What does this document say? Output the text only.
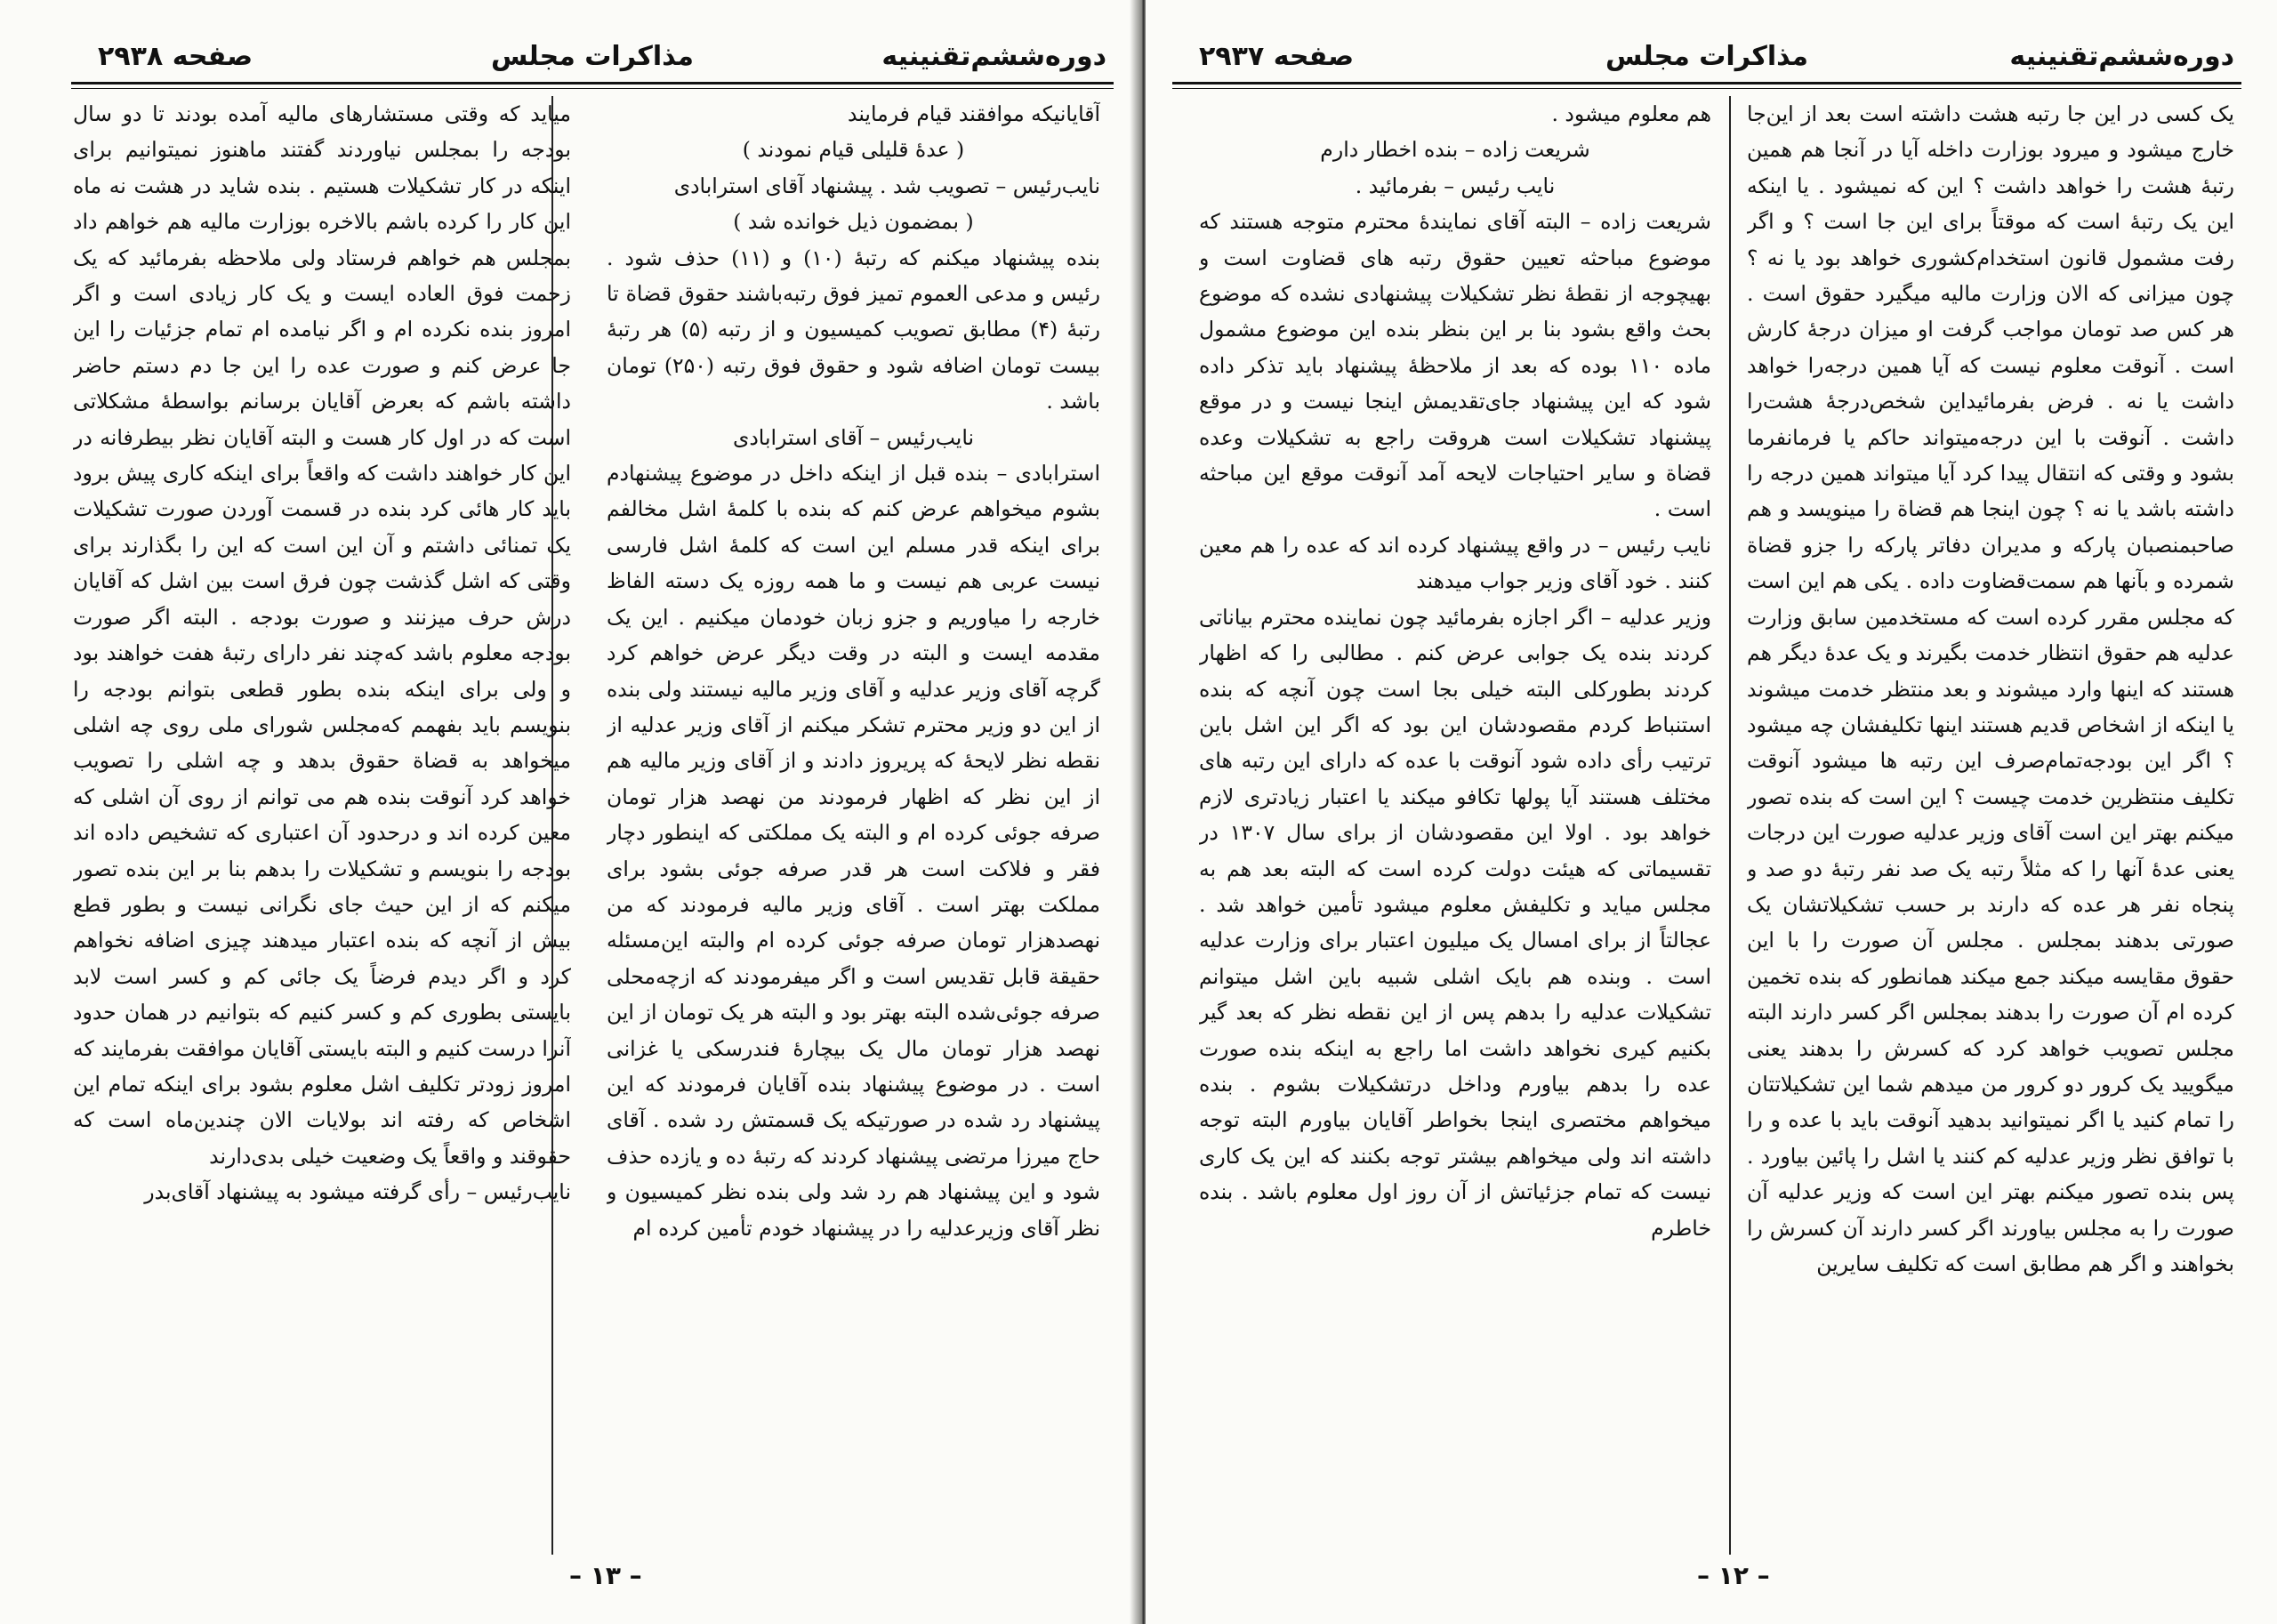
دوره‌ششم‌تقنینیه
مذاکرات مجلس
صفحه ۲۹۳۸

آقایانیکه موافقند قیام فرمایند

( عدهٔ قلیلی قیام نمودند )

نایب‌رئیس – تصویب شد . پیشنهاد آقای استرابادی

( بمضمون ذیل خوانده شد )

بنده پیشنهاد میکنم که رتبهٔ (۱۰) و (۱۱) حذف شود . رئیس و مدعی العموم تمیز فوق رتبه‌باشند حقوق قضاة تا رتبهٔ (۴) مطابق تصویب کمیسیون و از رتبه (۵) هر رتبهٔ بیست تومان اضافه شود و حقوق فوق رتبه (۲۵۰) تومان باشد .

نایب‌رئیس – آقای استرابادی

استرابادی – بنده قبل از اینکه داخل در موضوع پیشنهادم بشوم میخواهم عرض کنم که بنده با کلمهٔ اشل مخالفم برای اینکه قدر مسلم این است که کلمهٔ اشل فارسی نیست عربی هم نیست و ما همه روزه یک دسته الفاظ خارجه را میاوریم و جزو زبان خودمان میکنیم . این یک مقدمه ایست و البته در وقت دیگر عرض خواهم کرد گرچه آقای وزیر عدلیه و آقای وزیر مالیه نیستند ولی بنده از این دو وزیر محترم تشکر میکنم از آقای وزیر عدلیه از نقطه نظر لایحهٔ که پریروز دادند و از آقای وزیر مالیه هم از این نظر که اظهار فرمودند من نهصد هزار تومان صرفه جوئی کرده ام و البته یک مملکتی که اینطور دچار فقر و فلاکت است هر قدر صرفه جوئی بشود برای مملکت بهتر است . آقای وزیر مالیه فرمودند که من نهصدهزار تومان صرفه جوئی کرده ام والبته این‌مسئله حقیقة قابل تقدیس است و اگر میفرمودند که ازچه‌محلی صرفه جوئی‌شده البته بهتر بود و البته هر یک تومان از این نهصد هزار تومان مال یک بیچارهٔ فندرسکی یا غزانی است . در موضوع پیشنهاد بنده آقایان فرمودند که این پیشنهاد رد شده در صورتیکه یک قسمتش رد شده . آقای حاج میرزا مرتضی پیشنهاد کردند که رتبهٔ ده و یازده حذف شود و این پیشنهاد هم رد شد ولی بنده نظر کمیسیون و نظر آقای وزیرعدلیه را در پیشنهاد خودم تأمین کرده ام

میاید که وقتی مستشارهای مالیه آمده بودند تا دو سال بودجه را بمجلس نیاوردند گفتند ماهنوز نمیتوانیم برای اینکه در کار تشکیلات هستیم . بنده شاید در هشت نه ماه این کار را کرده باشم بالاخره بوزارت مالیه هم خواهم داد بمجلس هم خواهم فرستاد ولی ملاحظه بفرمائید که یک زحمت فوق العاده ایست و یک کار زیادی است و اگر امروز بنده نکرده ام و اگر نیامده ام تمام جزئیات را این جا عرض کنم و صورت عده را این جا دم دستم حاضر داشته باشم که بعرض آقایان برسانم بواسطهٔ مشکلاتی است که در اول کار هست و البته آقایان نظر بیطرفانه در این کار خواهند داشت که واقعاً برای اینکه کاری پیش برود باید کار هائی کرد بنده در قسمت آوردن صورت تشکیلات یک تمنائی داشتم و آن این است که این را بگذارند برای وقتی که اشل گذشت چون فرق است بین اشل که آقایان درش حرف میزنند و صورت بودجه . البته اگر صورت بودجه معلوم باشد که‌چند نفر دارای رتبهٔ هفت خواهند بود و ولی برای اینکه بنده بطور قطعی بتوانم بودجه را بنویسم باید بفهمم که‌مجلس شورای ملی روی چه اشلی میخواهد به قضاة حقوق بدهد و چه اشلی را تصویب خواهد کرد آنوقت بنده هم می توانم از روی آن اشلی که معین کرده اند و درحدود آن اعتباری که تشخیص داده اند بودجه را بنویسم و تشکیلات را بدهم بنا بر این بنده تصور میکنم که از این حیث جای نگرانی نیست و بطور قطع بیش از آنچه که بنده اعتبار میدهند چیزی اضافه نخواهم کرد و اگر دیدم فرضاً یک جائی کم و کسر است لابد بایستی بطوری کم و کسر کنیم که بتوانیم در همان حدود آنرا درست کنیم و البته بایستی آقایان موافقت بفرمایند که امروز زودتر تکلیف اشل معلوم بشود برای اینکه تمام این اشخاص که رفته اند بولایات الان چندین‌ماه است که حقوقند و واقعاً یک وضعیت خیلی بدی‌دارند

نایب‌رئیس – رأی گرفته میشود به پیشنهاد آقای‌بدر

– ۱۳ –
دوره‌ششم‌تقنینیه
مذاکرات مجلس
صفحه ۲۹۳۷

یک کسی در این جا رتبه هشت داشته است بعد از این‌جا خارج میشود و میرود بوزارت داخله آیا در آنجا هم همین رتبهٔ هشت را خواهد داشت ؟ این که نمیشود . یا اینکه این یک رتبهٔ است که موقتاً برای این جا است ؟ و اگر رفت مشمول قانون استخدام‌کشوری خواهد بود یا نه ؟ چون میزانی که الان وزارت مالیه میگیرد حقوق است . هر کس صد تومان مواجب گرفت او میزان درجهٔ کارش است . آنوقت معلوم نیست که آیا همین درجه‌را خواهد داشت یا نه . فرض بفرمائید‌این شخص‌درجهٔ هشت‌را داشت . آنوقت با این درجه‌میتواند حاکم یا فرمانفرما بشود و وقتی که انتقال پیدا کرد آیا میتواند همین درجه را داشته باشد یا نه ؟ چون اینجا هم قضاة را مینویسد و هم صاحبمنصبان پارکه و مدیران دفاتر پارکه را جزو قضاة شمرده و بآنها هم سمت‌قضاوت داده . یکی هم این است که مجلس مقرر کرده است که مستخدمین سابق وزارت عدلیه هم حقوق انتظار خدمت بگیرند و یک عدهٔ دیگر هم هستند که اینها وارد میشوند و بعد منتظر خدمت میشوند یا اینکه از اشخاص قدیم هستند اینها تکلیفشان چه میشود ؟ اگر این بودجه‌تمام‌صرف این رتبه ها میشود آنوقت تکلیف منتظرین خدمت چیست ؟ این است که بنده تصور میکنم بهتر این است آقای وزیر عدلیه صورت این درجات یعنی عدهٔ آنها را که مثلاً رتبه یک صد نفر رتبهٔ دو صد و پنجاه نفر هر عده که دارند بر حسب تشکیلاتشان یک صورتی بدهند بمجلس . مجلس آن صورت را با این حقوق مقایسه میکند جمع میکند همانطور که بنده تخمین کرده ام آن صورت را بدهند بمجلس اگر کسر دارند البته مجلس تصویب خواهد کرد که کسرش را بدهند یعنی میگویید یک کرور دو کرور من میدهم شما این تشکیلاتتان را تمام کنید یا اگر نمیتوانید بدهید آنوقت باید با عده و را با توافق نظر وزیر عدلیه کم کنند یا اشل را پائین بیاورد . پس بنده تصور میکنم بهتر این است که وزیر عدلیه آن صورت را به مجلس بیاورند اگر کسر دارند آن کسرش را بخواهند و اگر هم مطابق است که تکلیف سایرین

هم معلوم میشود .

شریعت زاده – بنده اخطار دارم

نایب رئیس – بفرمائید .

شریعت زاده – البته آقای نمایندهٔ محترم متوجه هستند که موضوع مباحثه تعیین حقوق رتبه های قضاوت است و بهیچوجه از نقطهٔ نظر تشکیلات پیشنهادی نشده که موضوع بحث واقع بشود بنا بر این بنظر بنده این موضوع مشمول ماده ۱۱۰ بوده که بعد از ملاحظهٔ پیشنهاد باید تذکر داده شود که این پیشنهاد جای‌تقدیمش اینجا نیست و در موقع پیشنهاد تشکیلات است هروقت راجع به تشکیلات وعده قضاة و سایر احتیاجات لایحه آمد آنوقت موقع این مباحثه است .

نایب رئیس – در واقع پیشنهاد کرده اند که عده را هم معین کنند . خود آقای وزیر جواب میدهند

وزیر عدلیه – اگر اجازه بفرمائید چون نماینده محترم بیاناتی کردند بنده یک جوابی عرض کنم . مطالبی را که اظهار کردند بطورکلی البته خیلی بجا است چون آنچه که بنده استنباط کردم مقصودشان این بود که اگر این اشل باین ترتیب رأی داده شود آنوقت با عده که دارای این رتبه های مختلف هستند آیا پولها تکافو میکند یا اعتبار زیادتری لازم خواهد بود . اولا این مقصودشان از برای سال ۱۳۰۷ در تقسیماتی که هیئت دولت کرده است که البته بعد هم به مجلس میاید و تکلیفش معلوم میشود تأمین خواهد شد . عجالتاً از برای امسال یک میلیون اعتبار برای وزارت عدلیه است . وبنده هم بایک اشلی شبیه باین اشل میتوانم تشکیلات عدلیه را بدهم پس از این نقطه نظر که بعد گیر بکنیم کیری نخواهد داشت اما راجع به اینکه بنده صورت عده را بدهم بیاورم وداخل درتشکیلات بشوم . بنده میخواهم مختصری اینجا بخواطر آقایان بیاورم البته توجه داشته اند ولی میخواهم بیشتر توجه بکنند که این یک کاری نیست که تمام جزئیاتش از آن روز اول معلوم باشد . بنده خاطرم

– ۱۲ –
